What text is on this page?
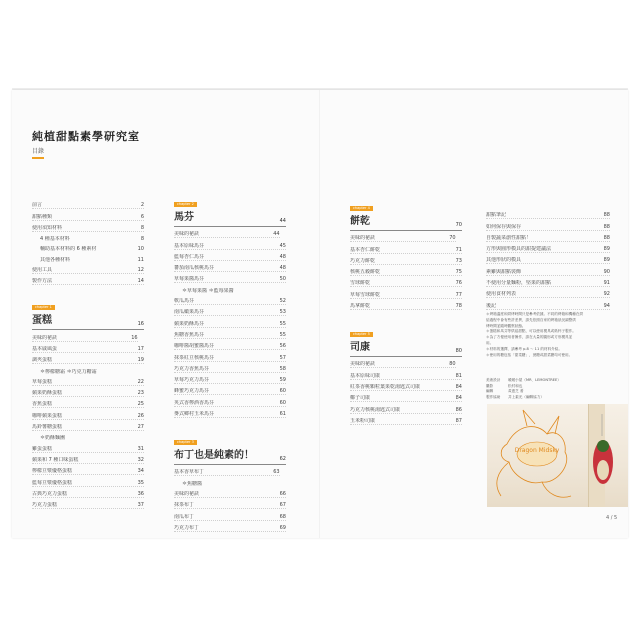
純植甜點素學研究室
目錄
前言	2
甜點種類	6
使用須知材料	8
4 種基本材料	8
輔助基本材料的 6 種素材	10
其他各種材料	11
使用工具	12
製作方法	14
chapter 1
蛋糕	16
美味的祕訣	16
基本戚風蛋	17
調夾蛋糕	19
＊檸檬糖霜 ＊巧克力糖霜
草莓蛋糕	22
蘋果奶酥蛋糕	23
香蕉蛋糕	25
咖啡蘋果蛋糕	26
馬鈴薯糖蛋糕	27
＊奶酥麵團
雞蛋蛋糕	31
蘋果和 7 種口味蛋糕	32
檸檬豆漿優格蛋糕	34
藍莓豆漿優格蛋糕	35
古典巧克力蛋糕	36
巧克力蛋糕	37
chapter 2
馬芬	44
美味的祕訣	44
基本原味馬芬	45
藍莓杏仁馬芬	48
蕃茄南瓜核桃馬芬	48
草莓果醬馬芬	50
＊草莓果醬 ＊藍莓果醬
軟瓜馬芬	52
南瓜橄果馬芬	53
蘋果奶酥馬芬	55
焦糖香蕉馬芬	55
咖啡醬胡蜜醬馬芬	56
抹茶紅豆核桃馬芬	57
巧克力香蕉馬芬	58
草莓巧克力馬芬	59
蜂蜜巧克力馬芬	60
英式香檸酒香馬芬	60
麥式鄉村玉米馬芬	61
chapter 3
布丁也是純素的！	62
基本香草布丁	63
＊焦糖醬
美味的祕訣	66
抹茶布丁	67
南瓜布丁	68
巧克力布丁	69
chapter 4
餅乾	70
美味的祕訣	70
基本杏仁餅乾	71
巧克力餅乾	73
核桃五穀餅乾	75
雪球餅乾	76
草莓雪球餅乾	77
馬拿餅乾	78
chapter 5
司康	80
美味的祕訣	80
基本原味司康	81
紅茶香桃顆粒葉果乾湯匙式司康	84
椰子司康	84
巧克力核桃湯匙式司康	86
玉米粉司康	87
甜點筆記	88
如何保存與保存	88
自製蔬菜創性甜點！	88
方形與圓形模具的甜提建議法	89
其他形狀的模具	89
素雞與甜點裝飾	90
不使用分量麵粉，堅果的甜點	91
使用食材列表	92
後記	94
＊烤箱溫度和烘烤時間只是參考依據。不同的烤箱和機種在烘
焙過程中會有些許差異，請先依照自家的烤箱狀況調整烘
烤時間並隨時觀察狀態。
＊蛋糕和馬芬等烘焙甜點，可以使用模具或紙杯子製作。
＊為了方便使用者操作，請在大量的圓形或方形模具並
用。
＊材料的選擇，請參考 p.8 ～ 11 的材料介紹。
＊使用的糖包括「甜菜糖」，蔗糖或甜菜糖均可使用。
美術設計	暖暖小屋（MR．LEMONTREE）
攝影	松村和也
編輯	黃惠芝 著
製作協助	井上素光（編輯協力）
Dragon Midsky
4 / 5
